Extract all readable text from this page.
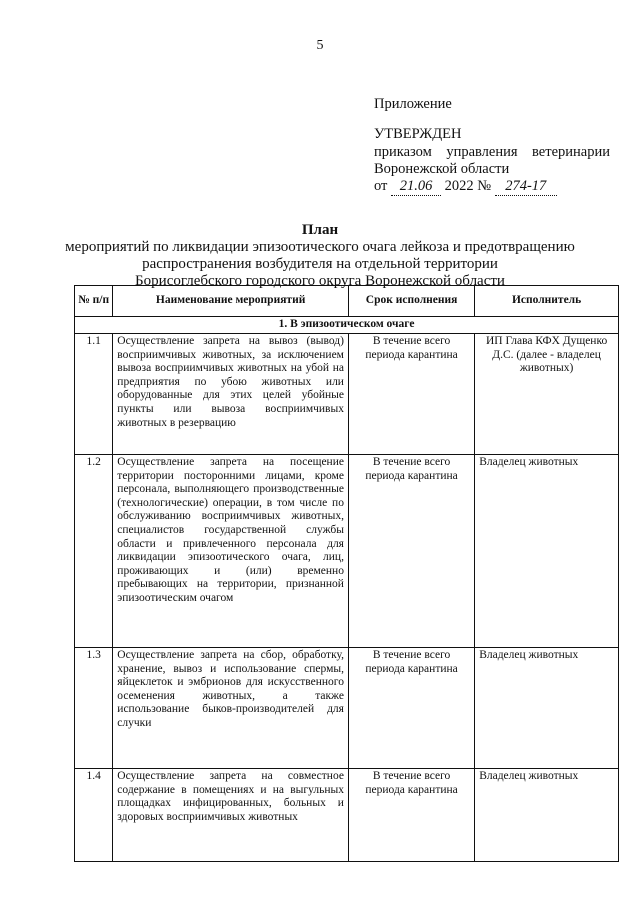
5
Приложение
УТВЕРЖДЕН
приказом управления ветеринарии
Воронежской области
от 21.06 2022 № 274-17
План
мероприятий по ликвидации эпизоотического очага лейкоза и предотвращению
распространения возбудителя на отдельной территории
Борисоглебского городского округа Воронежской области
№ п/п	Наименование мероприятий	Срок исполнения	Исполнитель
1. В эпизоотическом очаге			
1.1	Осуществление запрета на вывоз (вывод) восприимчивых животных, за исключением вывоза восприимчивых животных на убой на предприятия по убою животных или оборудованные для этих целей убойные пункты или вывоза восприимчивых животных в резервацию	В течение всего периода карантина	ИП Глава КФХ Дущенко Д.С. (далее - владелец животных)
1.2	Осуществление запрета на посещение территории посторонними лицами, кроме персонала, выполняющего производственные (технологические) операции, в том числе по обслуживанию восприимчивых животных, специалистов государственной службы области и привлеченного персонала для ликвидации эпизоотического очага, лиц, проживающих и (или) временно пребывающих на территории, признанной эпизоотическим очагом	В течение всего периода карантина	Владелец животных
1.3	Осуществление запрета на сбор, обработку, хранение, вывоз и использование спермы, яйцеклеток и эмбрионов для искусственного осеменения животных, а также использование быков-производителей для случки	В течение всего периода карантина	Владелец животных
1.4	Осуществление запрета на совместное содержание в помещениях и на выгульных площадках инфицированных, больных и здоровых восприимчивых животных	В течение всего периода карантина	Владелец животных
